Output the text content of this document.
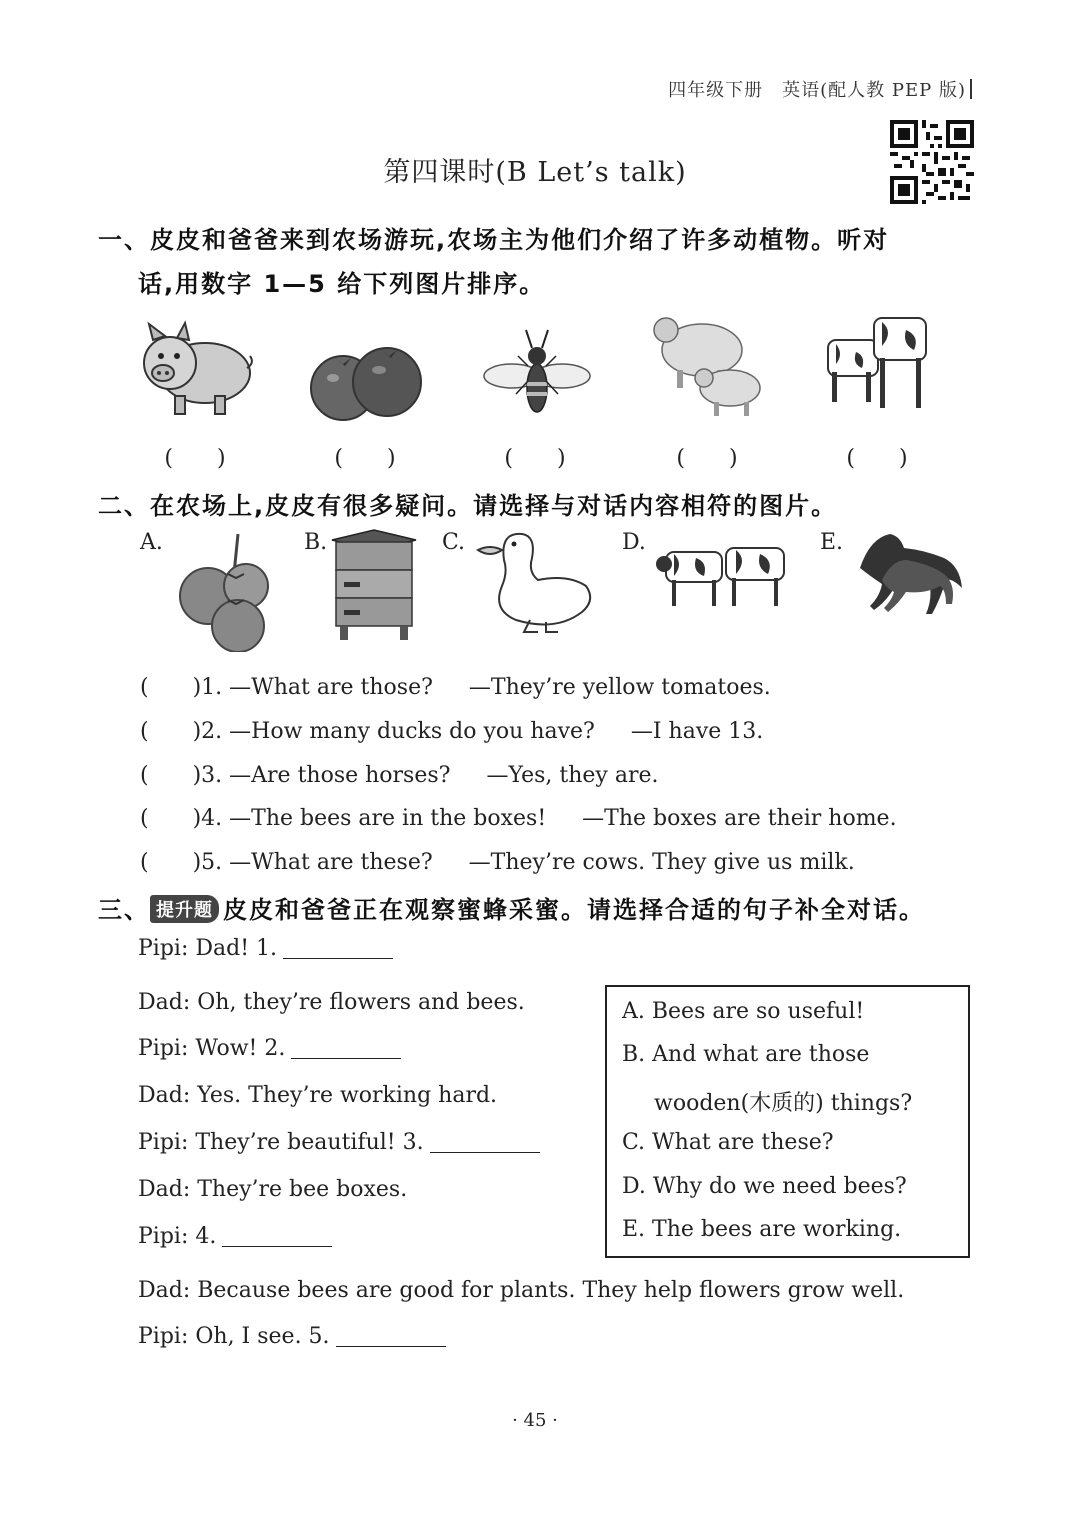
四年级下册　英语(配人教 PEP 版)
第四课时(B Let’s talk)
一、皮皮和爸爸来到农场游玩,农场主为他们介绍了许多动植物。听对
话,用数字 1—5 给下列图片排序。
(　　)	(　　)	(　　)	(　　)	(　　)
二、在农场上,皮皮有很多疑问。请选择与对话内容相符的图片。
A.	B.	C.	D.	E.
(　　)1. —What are those? —They’re yellow tomatoes.
(　　)2. —How many ducks do you have? —I have 13.
(　　)3. —Are those horses? —Yes, they are.
(　　)4. —The bees are in the boxes! —The boxes are their home.
(　　)5. —What are these? —They’re cows. They give us milk.
三、 提升题 皮皮和爸爸正在观察蜜蜂采蜜。请选择合适的句子补全对话。
Pipi: Dad! 1.
Dad: Oh, they’re flowers and bees.
Pipi: Wow! 2.
Dad: Yes. They’re working hard.
Pipi: They’re beautiful! 3.
Dad: They’re bee boxes.
Pipi: 4.
Dad: Because bees are good for plants. They help flowers grow well.
Pipi: Oh, I see. 5.
A. Bees are so useful!
B. And what are those
wooden(木质的) things?
C. What are these?
D. Why do we need bees?
E. The bees are working.
· 45 ·
